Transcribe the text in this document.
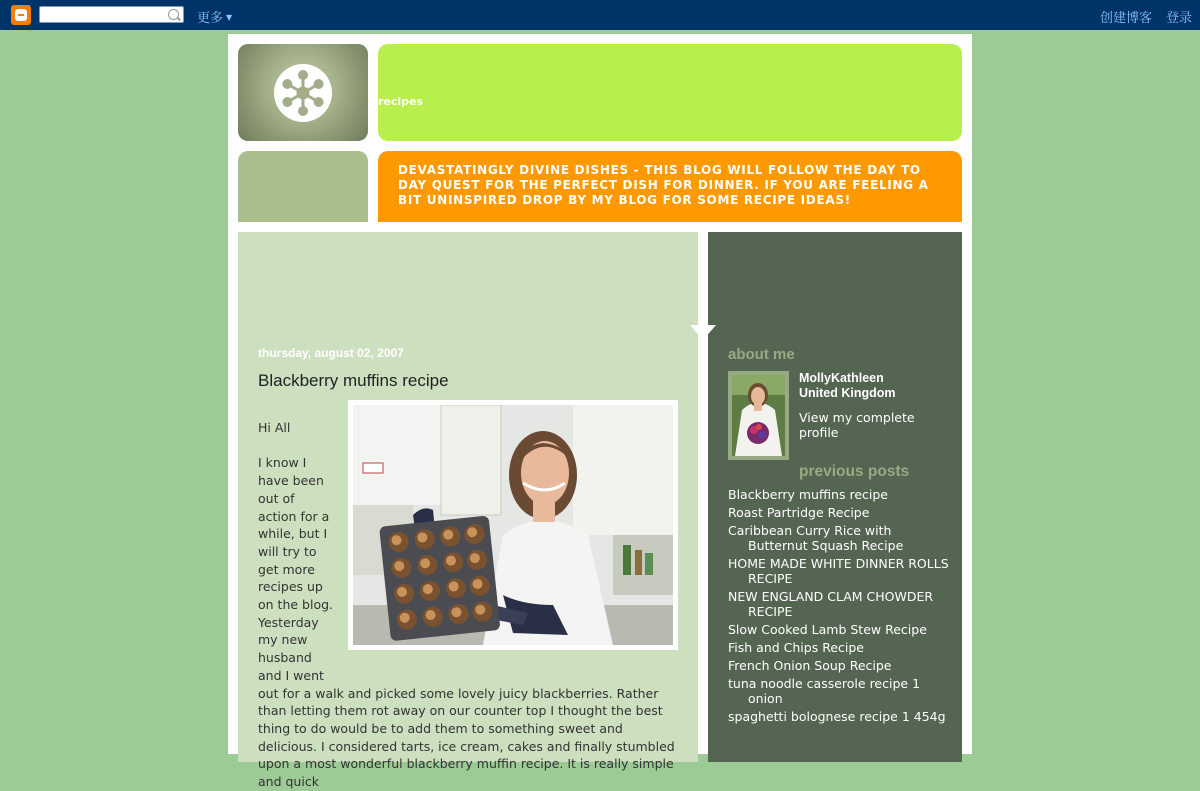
更多 ▼	创建博客 登录
recipes
DEVASTATINGLY DIVINE DISHES - THIS BLOG WILL FOLLOW THE DAY TO DAY QUEST FOR THE PERFECT DISH FOR DINNER. IF YOU ARE FEELING A BIT UNINSPIRED DROP BY MY BLOG FOR SOME RECIPE IDEAS!
thursday, august 02, 2007
Blackberry muffins recipe

Hi All

I know I have been out of action for a while, but I will try to get more recipes up on the blog. Yesterday my new husband and I went out for a walk and picked some lovely juicy blackberries. Rather than letting them rot away on our counter top I thought the best thing to do would be to add them to something sweet and delicious. I considered tarts, ice cream, cakes and finally stumbled upon a most wonderful blackberry muffin recipe. It is really simple and quick

about me
MollyKathleen
United Kingdom
View my complete profile
previous posts
Blackberry muffins recipe
Roast Partridge Recipe
Caribbean Curry Rice with Butternut Squash Recipe
HOME MADE WHITE DINNER ROLLS RECIPE
NEW ENGLAND CLAM CHOWDER RECIPE
Slow Cooked Lamb Stew Recipe
Fish and Chips Recipe
French Onion Soup Recipe
tuna noodle casserole recipe 1 onion
spaghetti bolognese recipe 1 454g
